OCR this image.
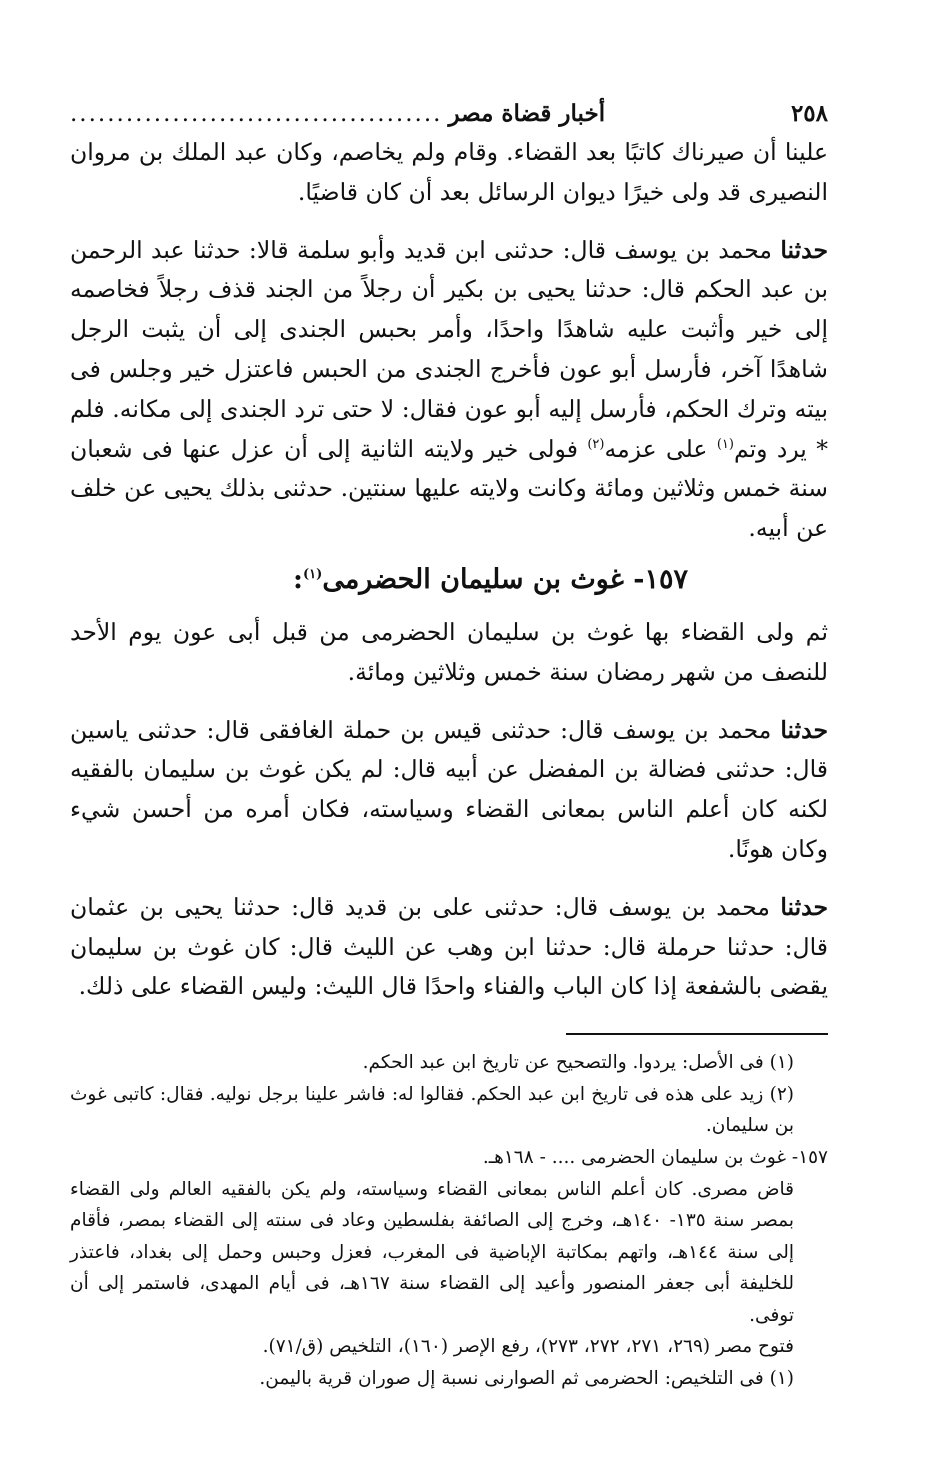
٢٥٨
أخبار قضاة مصر
........................................

علينا أن صيرناك كاتبًا بعد القضاء. وقام ولم يخاصم، وكان عبد الملك بن مروان النصيرى قد ولى خيرًا ديوان الرسائل بعد أن كان قاضيًا.

حدثنا محمد بن يوسف قال: حدثنى ابن قديد وأبو سلمة قالا: حدثنا عبد الرحمن بن عبد الحكم قال: حدثنا يحيى بن بكير أن رجلاً من الجند قذف رجلاً فخاصمه إلى خير وأثبت عليه شاهدًا واحدًا، وأمر بحبس الجندى إلى أن يثبت الرجل شاهدًا آخر، فأرسل أبو عون فأخرج الجندى من الحبس فاعتزل خير وجلس فى بيته وترك الحكم، فأرسل إليه أبو عون فقال: لا حتى ترد الجندى إلى مكانه. فلم * يرد وتم$^{(١)}$ على عزمه$^{(٢)}$ فولى خير ولايته الثانية إلى أن عزل عنها فى شعبان سنة خمس وثلاثين ومائة وكانت ولايته عليها سنتين. حدثنى بذلك يحيى عن خلف عن أبيه.

١٥٧- غوث بن سليمان الحضرمى$^{(١)}$:

ثم ولى القضاء بها غوث بن سليمان الحضرمى من قبل أبى عون يوم الأحد للنصف من شهر رمضان سنة خمس وثلاثين ومائة.

حدثنا محمد بن يوسف قال: حدثنى قيس بن حملة الغافقى قال: حدثنى ياسين قال: حدثنى فضالة بن المفضل عن أبيه قال: لم يكن غوث بن سليمان بالفقيه لكنه كان أعلم الناس بمعانى القضاء وسياسته، فكان أمره من أحسن شيء وكان هونًا.

حدثنا محمد بن يوسف قال: حدثنى على بن قديد قال: حدثنا يحيى بن عثمان قال: حدثنا حرملة قال: حدثنا ابن وهب عن الليث قال: كان غوث بن سليمان يقضى بالشفعة إذا كان الباب والفناء واحدًا قال الليث: وليس القضاء على ذلك.

(١) فى الأصل: يردوا. والتصحيح عن تاريخ ابن عبد الحكم.

(٢) زيد على هذه فى تاريخ ابن عبد الحكم. فقالوا له: فاشر علينا برجل نوليه. فقال: كاتبى غوث بن سليمان.

١٥٧- غوث بن سليمان الحضرمى .... - ١٦٨هـ.

قاض مصرى. كان أعلم الناس بمعانى القضاء وسياسته، ولم يكن بالفقيه العالم ولى القضاء بمصر سنة ١٣٥- ١٤٠هـ، وخرج إلى الصائفة بفلسطين وعاد فى سنته إلى القضاء بمصر، فأقام إلى سنة ١٤٤هـ، واتهم بمكاتبة الإباضية فى المغرب، فعزل وحبس وحمل إلى بغداد، فاعتذر للخليفة أبى جعفر المنصور وأعيد إلى القضاء سنة ١٦٧هـ، فى أيام المهدى، فاستمر إلى أن توفى.

فتوح مصر (٢٦٩، ٢٧١، ٢٧٢، ٢٧٣)، رفع الإصر (١٦٠)، التلخيص (ق/٧١).

(١) فى التلخيص: الحضرمى ثم الصوارنى نسبة إل صوران قرية باليمن.
